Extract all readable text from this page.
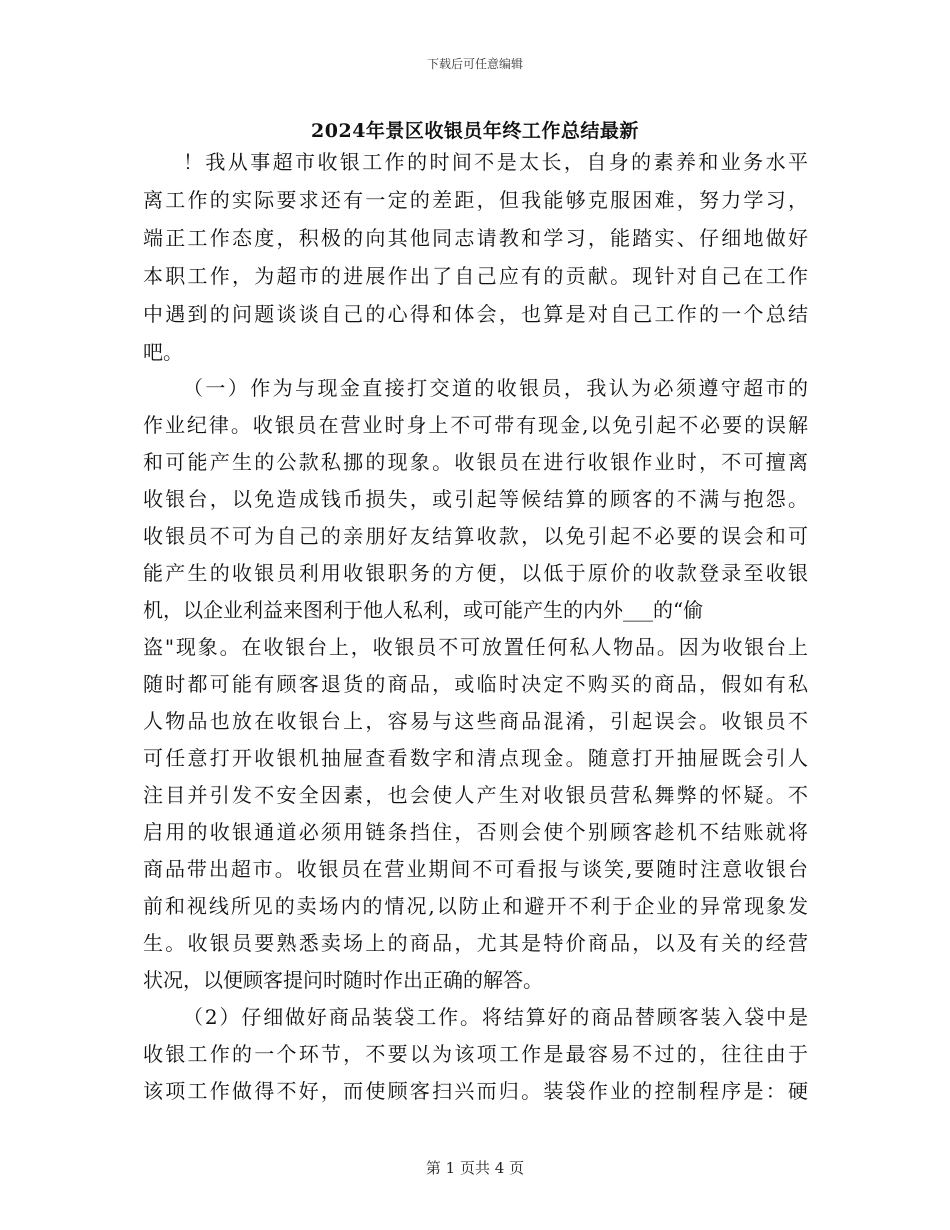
下载后可任意编辑
2024年景区收银员年终工作总结最新
！我从事超市收银工作的时间不是太长，自身的素养和业务水平
离工作的实际要求还有一定的差距，但我能够克服困难，努力学习，
端正工作态度，积极的向其他同志请教和学习，能踏实、仔细地做好
本职工作，为超市的进展作出了自己应有的贡献。现针对自己在工作
中遇到的问题谈谈自己的心得和体会，也算是对自己工作的一个总结
吧。
（一）作为与现金直接打交道的收银员，我认为必须遵守超市的
作业纪律。收银员在营业时身上不可带有现金,以免引起不必要的误解
和可能产生的公款私挪的现象。收银员在进行收银作业时，不可擅离
收银台，以免造成钱币损失，或引起等候结算的顾客的不满与抱怨。
收银员不可为自己的亲朋好友结算收款，以免引起不必要的误会和可
能产生的收银员利用收银职务的方便，以低于原价的收款登录至收银
机，以企业利益来图利于他人私利，或可能产生的内外___的“偷
盗"现象。在收银台上，收银员不可放置任何私人物品。因为收银台上
随时都可能有顾客退货的商品，或临时决定不购买的商品，假如有私
人物品也放在收银台上，容易与这些商品混淆，引起误会。收银员不
可任意打开收银机抽屉查看数字和清点现金。随意打开抽屉既会引人
注目并引发不安全因素，也会使人产生对收银员营私舞弊的怀疑。不
启用的收银通道必须用链条挡住，否则会使个别顾客趁机不结账就将
商品带出超市。收银员在营业期间不可看报与谈笑,要随时注意收银台
前和视线所见的卖场内的情况,以防止和避开不利于企业的异常现象发
生。收银员要熟悉卖场上的商品，尤其是特价商品，以及有关的经营
状况，以便顾客提问时随时作出正确的解答。
（2）仔细做好商品装袋工作。将结算好的商品替顾客装入袋中是
收银工作的一个环节，不要以为该项工作是最容易不过的，往往由于
该项工作做得不好，而使顾客扫兴而归。装袋作业的控制程序是：硬
第 1 页共 4 页
